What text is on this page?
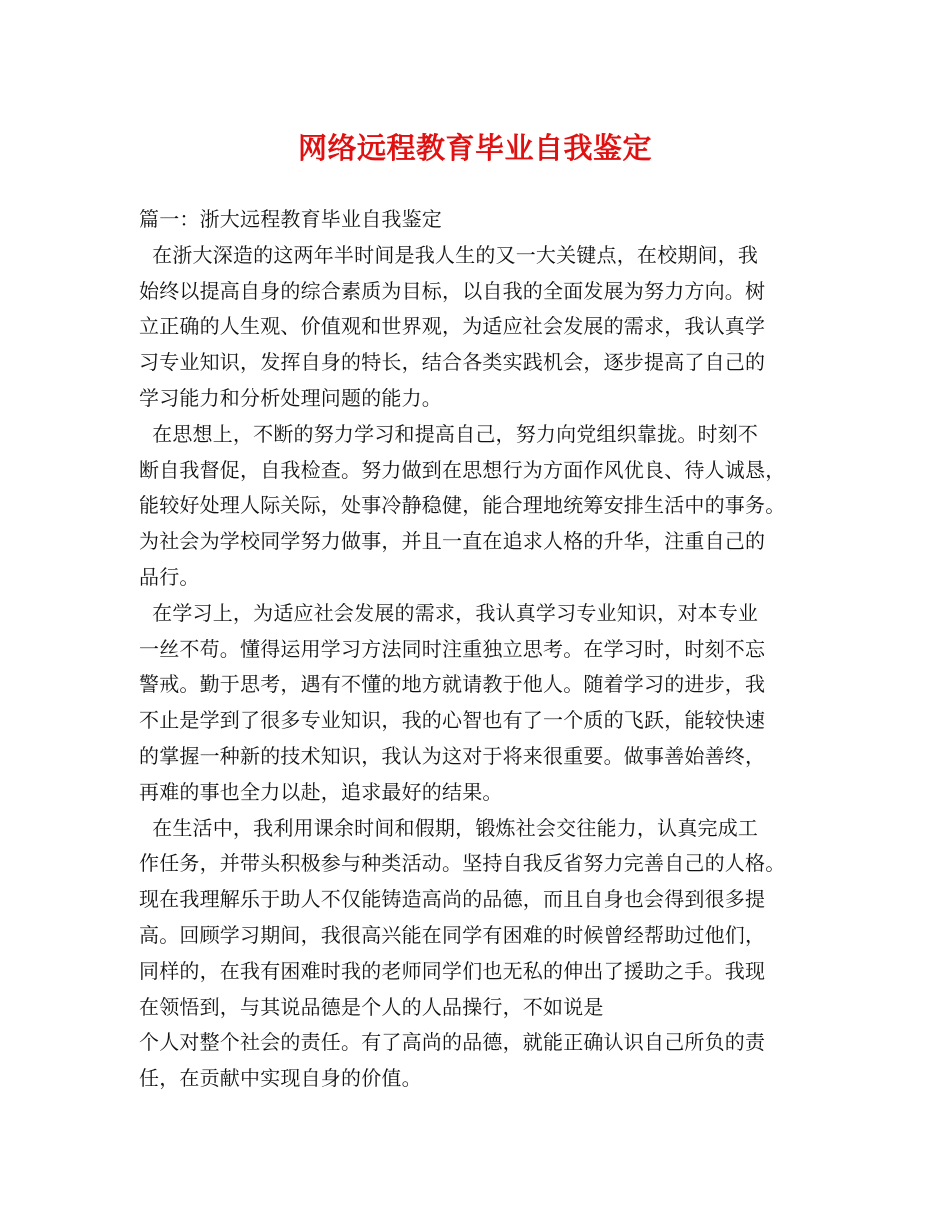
网络远程教育毕业自我鉴定
篇一：浙大远程教育毕业自我鉴定
在浙大深造的这两年半时间是我人生的又一大关键点，在校期间，我
始终以提高自身的综合素质为目标，以自我的全面发展为努力方向。树
立正确的人生观、价值观和世界观，为适应社会发展的需求，我认真学
习专业知识，发挥自身的特长，结合各类实践机会，逐步提高了自己的
学习能力和分析处理问题的能力。
在思想上，不断的努力学习和提高自己，努力向党组织靠拢。时刻不
断自我督促，自我检查。努力做到在思想行为方面作风优良、待人诚恳，
能较好处理人际关际，处事冷静稳健，能合理地统筹安排生活中的事务。
为社会为学校同学努力做事，并且一直在追求人格的升华，注重自己的
品行。
在学习上，为适应社会发展的需求，我认真学习专业知识，对本专业
一丝不苟。懂得运用学习方法同时注重独立思考。在学习时，时刻不忘
警戒。勤于思考，遇有不懂的地方就请教于他人。随着学习的进步，我
不止是学到了很多专业知识，我的心智也有了一个质的飞跃，能较快速
的掌握一种新的技术知识，我认为这对于将来很重要。做事善始善终，
再难的事也全力以赴，追求最好的结果。
在生活中，我利用课余时间和假期，锻炼社会交往能力，认真完成工
作任务，并带头积极参与种类活动。坚持自我反省努力完善自己的人格。
现在我理解乐于助人不仅能铸造高尚的品德，而且自身也会得到很多提
高。回顾学习期间，我很高兴能在同学有困难的时候曾经帮助过他们，
同样的，在我有困难时我的老师同学们也无私的伸出了援助之手。我现
在领悟到，与其说品德是个人的人品操行，不如说是
个人对整个社会的责任。有了高尚的品德，就能正确认识自己所负的责
任，在贡献中实现自身的价值。
